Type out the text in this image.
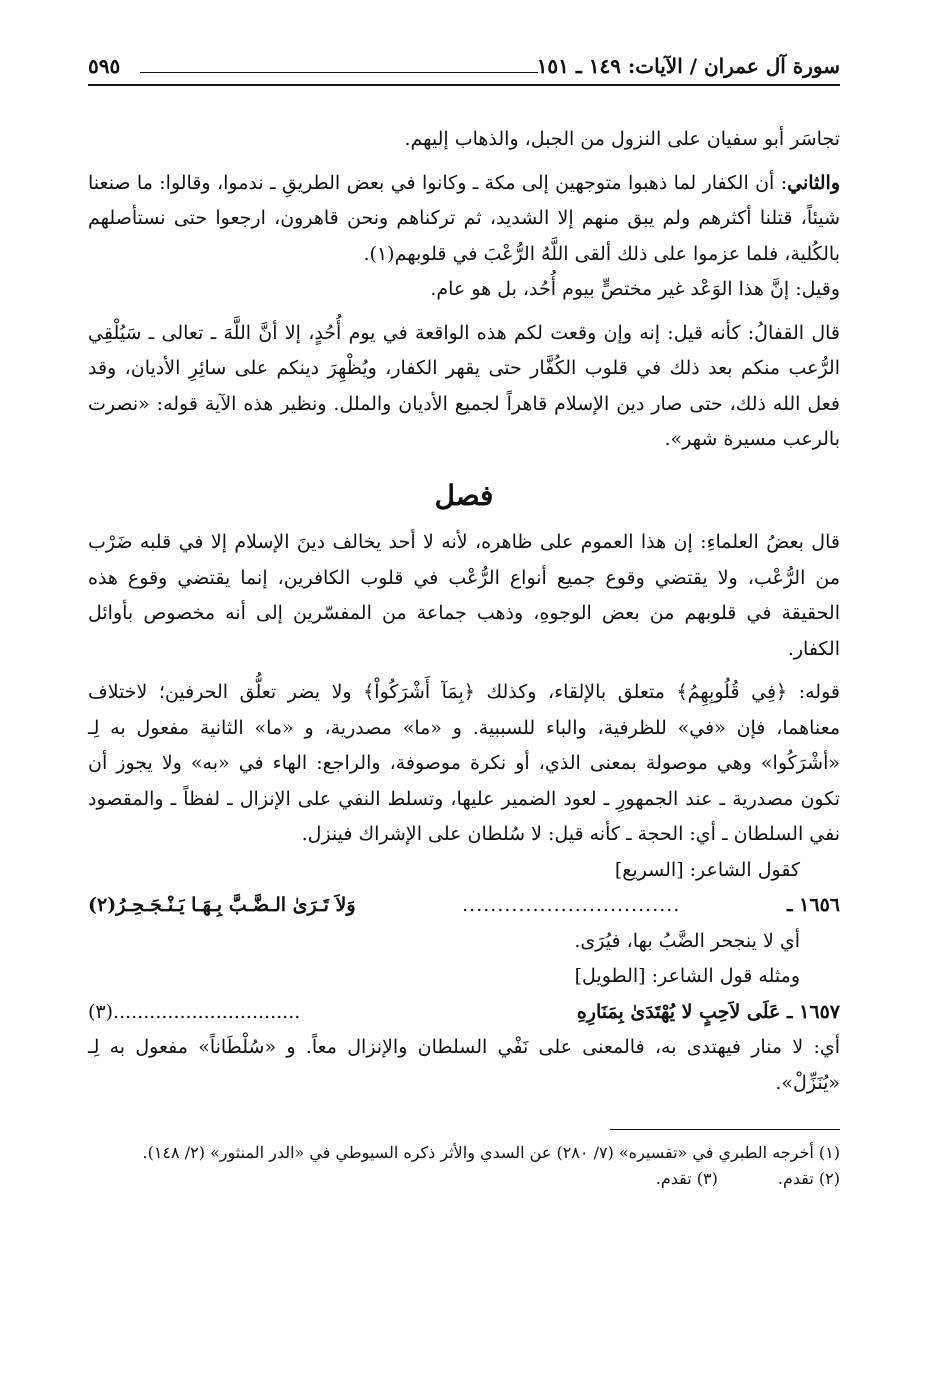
سورة آل عمران / الآيات: ١٤٩ ـ ١٥١
٥٩٥

تجاسَر أبو سفيان على النزول من الجبل، والذهاب إليهم.

والثاني: أن الكفار لما ذهبوا متوجهين إلى مكة ـ وكانوا في بعض الطريقِ ـ ندموا، وقالوا: ما صنعنا شيئاً، قتلنا أكثرهم ولم يبق منهم إلا الشديد، ثم تركناهم ونحن قاهرون، ارجعوا حتى نستأصلهم بالكُلية، فلما عزموا على ذلك ألقى اللَّهُ الرُّعْبَ في قلوبهم(١).

وقيل: إنَّ هذا الوَعْد غير مختصٍّ بيوم أُحُد، بل هو عام.

قال القفالُ: كأنه قيل: إنه وإن وقعت لكم هذه الواقعة في يوم أُحُدٍ، إلا أنَّ اللَّهَ ـ تعالى ـ سَيُلْقِي الرُّعب منكم بعد ذلك في قلوب الكُفَّار حتى يقهر الكفار، ويُظْهِرَ دينكم على سائِرِ الأديان، وقد فعل الله ذلك، حتى صار دين الإسلام قاهراً لجميع الأديان والملل. ونظير هذه الآية قوله: «نصرت بالرعب مسيرة شهر».

فصل

قال بعضُ العلماءِ: إن هذا العموم على ظاهره، لأنه لا أحد يخالف دينَ الإسلام إلا في قلبه ضَرْب من الرُّعْب، ولا يقتضي وقوع جميع أنواع الرُّعْب في قلوب الكافرين، إنما يقتضي وقوع هذه الحقيقة في قلوبهم من بعض الوجوهِ، وذهب جماعة من المفسّرين إلى أنه مخصوص بأوائل الكفار.

قوله: ﴿فِي قُلُوبِهِمُ﴾ متعلق بالإلقاء، وكذلك ﴿بِمَآ أَشْرَكُواْ﴾ ولا يضر تعلُّق الحرفين؛ لاختلاف معناهما، فإن «في» للظرفية، والباء للسببية. و «ما» مصدرية، و «ما» الثانية مفعول به لِـ «أشْرَكُوا» وهي موصولة بمعنى الذي، أو نكرة موصوفة، والراجع: الهاء في «به» ولا يجوز أن تكون مصدرية ـ عند الجمهورِ ـ لعود الضمير عليها، وتسلط النفي على الإنزال ـ لفظاً ـ والمقصود نفي السلطان ـ أي: الحجة ـ كأنه قيل: لا سُلطان على الإشراك فينزل.

كقول الشاعر: [السريع]

١٦٥٦ ـ
...............................
وَلاَ تَـرَىٰ الـضَّـبَّ بِـهَـا يَـنْـجَـحِـرُ(٢)

أي لا ينجحر الضَّبُ بها، فيُرَى.

ومثله قول الشاعر: [الطويل]

١٦٥٧ ـ عَلَى لاَحِبٍ لا يُهْتَدَىٰ بِمَنَارِهِ
...............................(٣)

أي: لا منار فيهتدى به، فالمعنى على نَفْي السلطان والإنزال معاً. و «سُلْطَاناً» مفعول به لِـ «يُنَزِّلْ».

(١) أخرجه الطبري في «تفسيره» (٧/ ٢٨٠) عن السدي والأثر ذكره السيوطي في «الدر المنثور» (٢/ ١٤٨).
(٢) تقدم.
(٣) تقدم.
